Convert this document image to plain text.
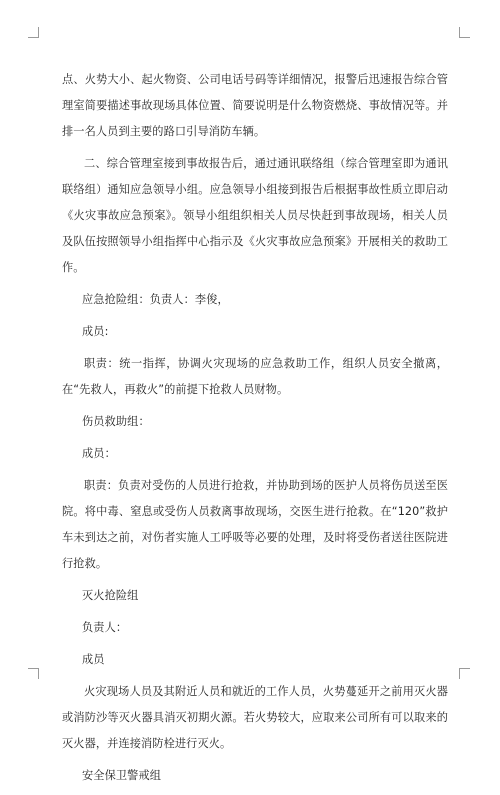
点、火势大小、起火物资、公司电话号码等详细情况，报警后迅速报告综合管理室简要描述事故现场具体位置、简要说明是什么物资燃烧、事故情况等。并排一名人员到主要的路口引导消防车辆。

二、综合管理室接到事故报告后，通过通讯联络组（综合管理室即为通讯联络组）通知应急领导小组。应急领导小组接到报告后根据事故性质立即启动《火灾事故应急预案》。领导小组组织相关人员尽快赶到事故现场，相关人员及队伍按照领导小组指挥中心指示及《火灾事故应急预案》开展相关的救助工作。

应急抢险组：负责人：李俊，

成员:

职责：统一指挥，协调火灾现场的应急救助工作，组织人员安全撤离，在“先救人，再救火”的前提下抢救人员财物。

伤员救助组：

成员：

职责：负责对受伤的人员进行抢救，并协助到场的医护人员将伤员送至医院。将中毒、窒息或受伤人员救离事故现场，交医生进行抢救。在“120”救护车未到达之前，对伤者实施人工呼吸等必要的处理，及时将受伤者送往医院进行抢救。

灭火抢险组

负责人：

成员

火灾现场人员及其附近人员和就近的工作人员，火势蔓延开之前用灭火器或消防沙等灭火器具消灭初期火源。若火势较大，应取来公司所有可以取来的灭火器，并连接消防栓进行灭火。

安全保卫警戒组
